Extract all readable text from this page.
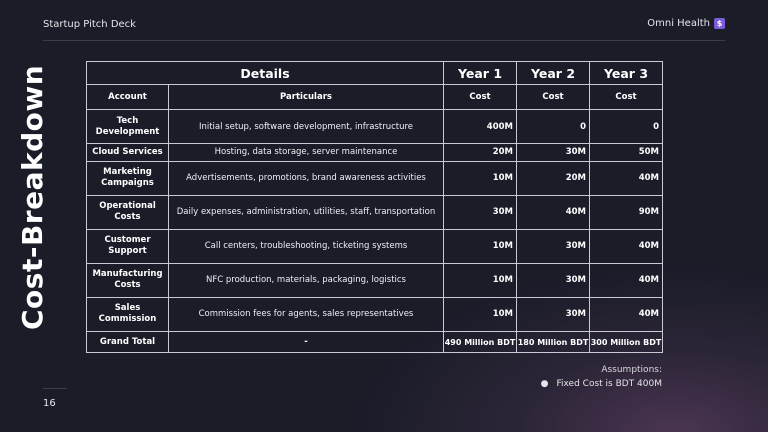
Startup Pitch Deck	Omni Health $
Cost-Breakdown	Details		Year 1	Year 2	Year 3
Account	Particulars	Cost	Cost	Cost
Tech Development	Initial setup, software development, infrastructure	400M	0	0
Cloud Services	Hosting, data storage, server maintenance	20M	30M	50M
Marketing Campaigns	Advertisements, promotions, brand awareness activities	10M	20M	40M
Operational Costs	Daily expenses, administration, utilities, staff, transportation	30M	40M	90M
Customer Support	Call centers, troubleshooting, ticketing systems	10M	30M	40M
Manufacturing Costs	NFC production, materials, packaging, logistics	10M	30M	40M
Sales Commission	Commission fees for agents, sales representatives	10M	30M	40M
Grand Total	-	490 Million BDT	180 Million BDT	300 Million BDT
Assumptions:
● Fixed Cost is BDT 400M
16
